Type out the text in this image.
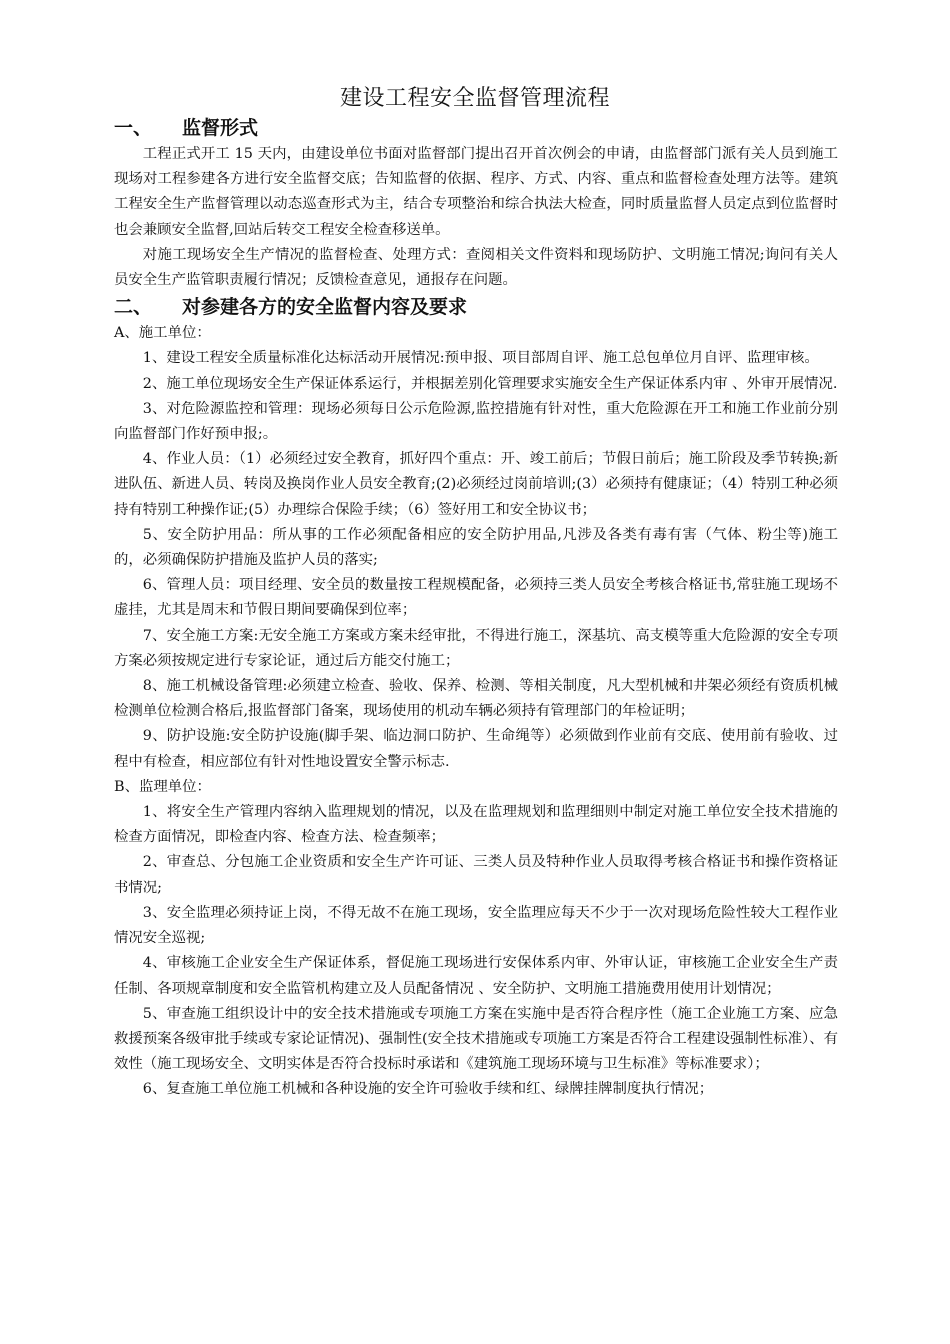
建设工程安全监督管理流程

一、	监督形式

工程正式开工 15 天内，由建设单位书面对监督部门提出召开首次例会的申请，由监督部门派有关人员到施工现场对工程参建各方进行安全监督交底；告知监督的依据、程序、方式、内容、重点和监督检查处理方法等。建筑工程安全生产监督管理以动态巡查形式为主，结合专项整治和综合执法大检查，同时质量监督人员定点到位监督时也会兼顾安全监督,回站后转交工程安全检查移送单。

对施工现场安全生产情况的监督检查、处理方式：查阅相关文件资料和现场防护、文明施工情况;询问有关人员安全生产监管职责履行情况；反馈检查意见，通报存在问题。

二、	对参建各方的安全监督内容及要求

A、施工单位：

1、建设工程安全质量标准化达标活动开展情况:预申报、项目部周自评、施工总包单位月自评、监理审核。

2、施工单位现场安全生产保证体系运行，并根据差别化管理要求实施安全生产保证体系内审 、外审开展情况.

3、对危险源监控和管理：现场必须每日公示危险源,监控措施有针对性，重大危险源在开工和施工作业前分别向监督部门作好预申报;。

4、作业人员：（1）必须经过安全教育，抓好四个重点：开、竣工前后；节假日前后；施工阶段及季节转换;新进队伍、新进人员、转岗及换岗作业人员安全教育;(2)必须经过岗前培训;(3）必须持有健康证；（4）特别工种必须持有特别工种操作证;(5）办理综合保险手续；（6）签好用工和安全协议书；

5、安全防护用品：所从事的工作必须配备相应的安全防护用品,凡涉及各类有毒有害（气体、粉尘等)施工的，必须确保防护措施及监护人员的落实;

6、管理人员：项目经理、安全员的数量按工程规模配备，必须持三类人员安全考核合格证书,常驻施工现场不虚挂，尤其是周末和节假日期间要确保到位率；

7、安全施工方案:无安全施工方案或方案未经审批，不得进行施工，深基坑、高支模等重大危险源的安全专项方案必须按规定进行专家论证，通过后方能交付施工；

8、施工机械设备管理:必须建立检查、验收、保养、检测、等相关制度，凡大型机械和井架必须经有资质机械检测单位检测合格后,报监督部门备案，现场使用的机动车辆必须持有管理部门的年检证明；

9、防护设施:安全防护设施(脚手架、临边洞口防护、生命绳等）必须做到作业前有交底、使用前有验收、过程中有检查，相应部位有针对性地设置安全警示标志.

B、监理单位：

1、将安全生产管理内容纳入监理规划的情况，以及在监理规划和监理细则中制定对施工单位安全技术措施的检查方面情况，即检查内容、检查方法、检查频率；

2、审查总、分包施工企业资质和安全生产许可证、三类人员及特种作业人员取得考核合格证书和操作资格证书情况;

3、安全监理必须持证上岗，不得无故不在施工现场，安全监理应每天不少于一次对现场危险性较大工程作业情况安全巡视;

4、审核施工企业安全生产保证体系，督促施工现场进行安保体系内审、外审认证，审核施工企业安全生产责任制、各项规章制度和安全监管机构建立及人员配备情况 、安全防护、文明施工措施费用使用计划情况；

5、审查施工组织设计中的安全技术措施或专项施工方案在实施中是否符合程序性（施工企业施工方案、应急救援预案各级审批手续或专家论证情况)、强制性(安全技术措施或专项施工方案是否符合工程建设强制性标准）、有效性（施工现场安全、文明实体是否符合投标时承诺和《建筑施工现场环境与卫生标准》等标准要求）；

6、复查施工单位施工机械和各种设施的安全许可验收手续和红、绿牌挂牌制度执行情况；
